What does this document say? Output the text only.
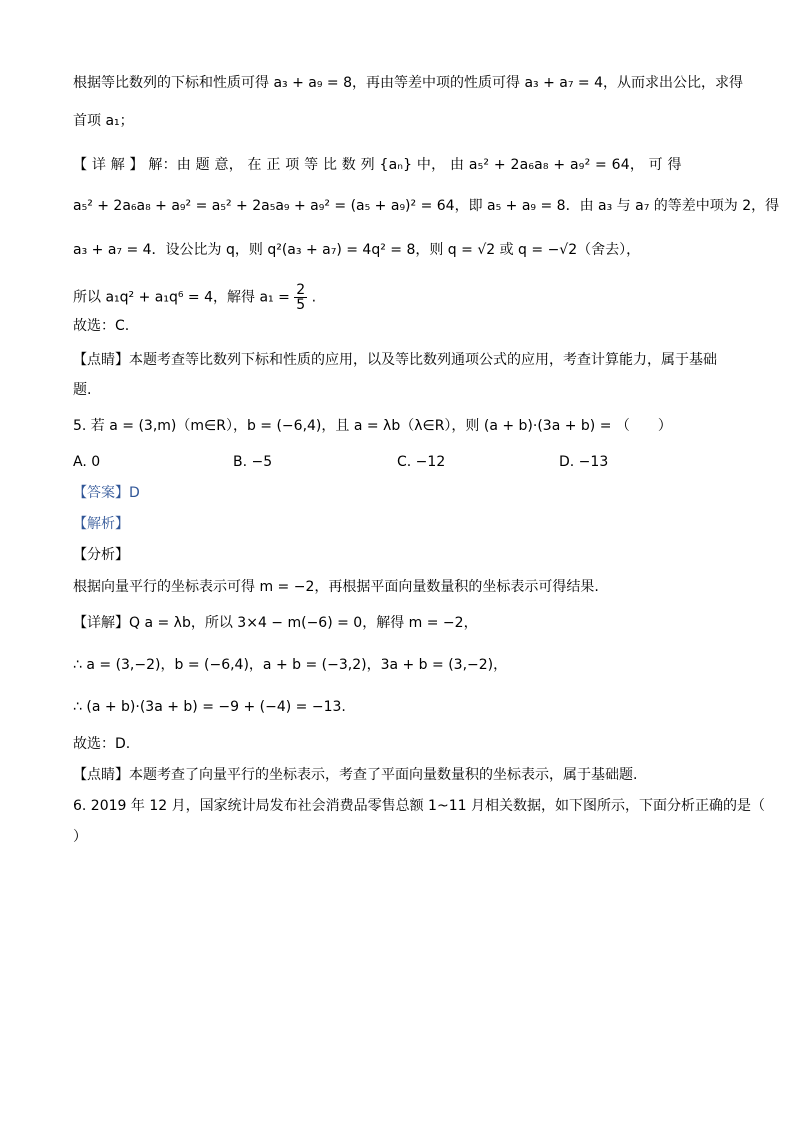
根据等比数列的下标和性质可得 a₃ + a₉ = 8，再由等差中项的性质可得 a₃ + a₇ = 4，从而求出公比，求得
首项 a₁；
【 详 解 】 解：由 题 意， 在 正 项 等 比 数 列 {aₙ} 中， 由 a₅² + 2a₆a₈ + a₉² = 64， 可 得
a₅² + 2a₆a₈ + a₉² = a₅² + 2a₅a₉ + a₉² = (a₅ + a₉)² = 64，即 a₅ + a₉ = 8．由 a₃ 与 a₇ 的等差中项为 2，得
a₃ + a₇ = 4．设公比为 q，则 q²(a₃ + a₇) = 4q² = 8，则 q = √2 或 q = −√2（舍去），
所以 a₁q² + a₁q⁶ = 4，解得 $a_1 = \frac{2}{5}$ .
故选：C.
【点睛】本题考查等比数列下标和性质的应用，以及等比数列通项公式的应用，考查计算能力，属于基础
题.
5. 若 a = (3,m)（m∈R），b = (−6,4)，且 a = λb（λ∈R），则 (a + b)·(3a + b) = （　　）
A. 0	B. −5	C. −12	D. −13
【答案】D
【解析】
【分析】
根据向量平行的坐标表示可得 m = −2，再根据平面向量数量积的坐标表示可得结果.
【详解】Q a = λb，所以 3×4 − m(−6) = 0，解得 m = −2，
∴ a = (3,−2)，b = (−6,4)，a + b = (−3,2)，3a + b = (3,−2)，
∴ (a + b)·(3a + b) = −9 + (−4) = −13.
故选：D.
【点睛】本题考查了向量平行的坐标表示，考查了平面向量数量积的坐标表示，属于基础题.
6. 2019 年 12 月，国家统计局发布社会消费品零售总额 1~11 月相关数据，如下图所示，下面分析正确的是（
）
